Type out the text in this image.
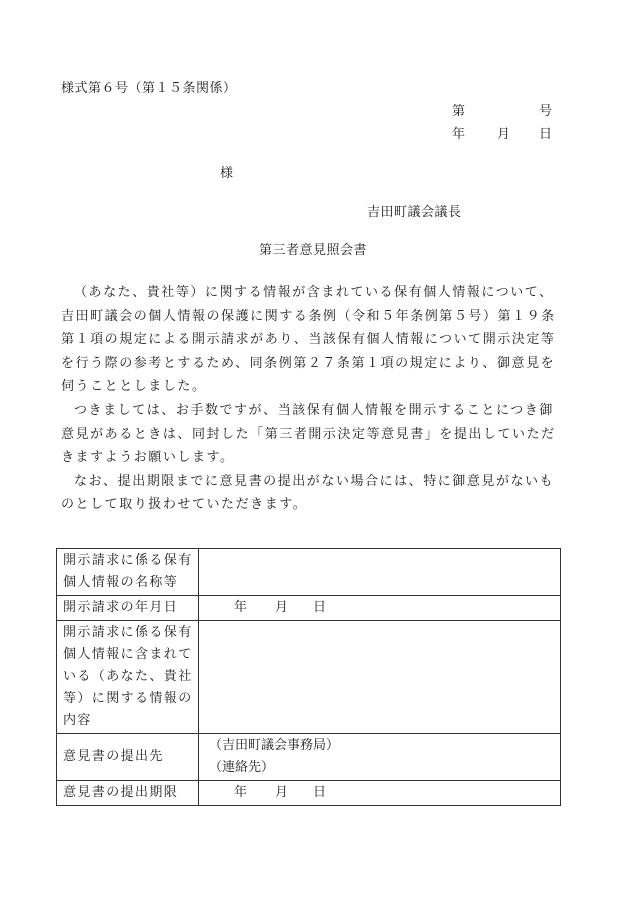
様式第６号（第１５条関係）
第	号
年 月 日
様
吉田町議会議長
第三者意見照会書

（あなた、貴社等）に関する情報が含まれている保有個人情報について、吉田町議会の個人情報の保護に関する条例（令和５年条例第５号）第１９条第１項の規定による開示請求があり、当該保有個人情報について開示決定等を行う際の参考とするため、同条例第２７条第１項の規定により、御意見を伺うこととしました。

つきましては、お手数ですが、当該保有個人情報を開示することにつき御意見があるときは、同封した「第三者開示決定等意見書」を提出していただきますようお願いします。

なお、提出期限までに意見書の提出がない場合には、特に御意見がないものとして取り扱わせていただきます。

開示請求に係る保有個人情報の名称等	
開示請求の年月日	年 月 日
開示請求に係る保有個人情報に含まれている（あなた、貴社等）に関する情報の内容	
意見書の提出先	（吉田町議会事務局）
（連絡先）

意見書の提出期限	年 月 日
